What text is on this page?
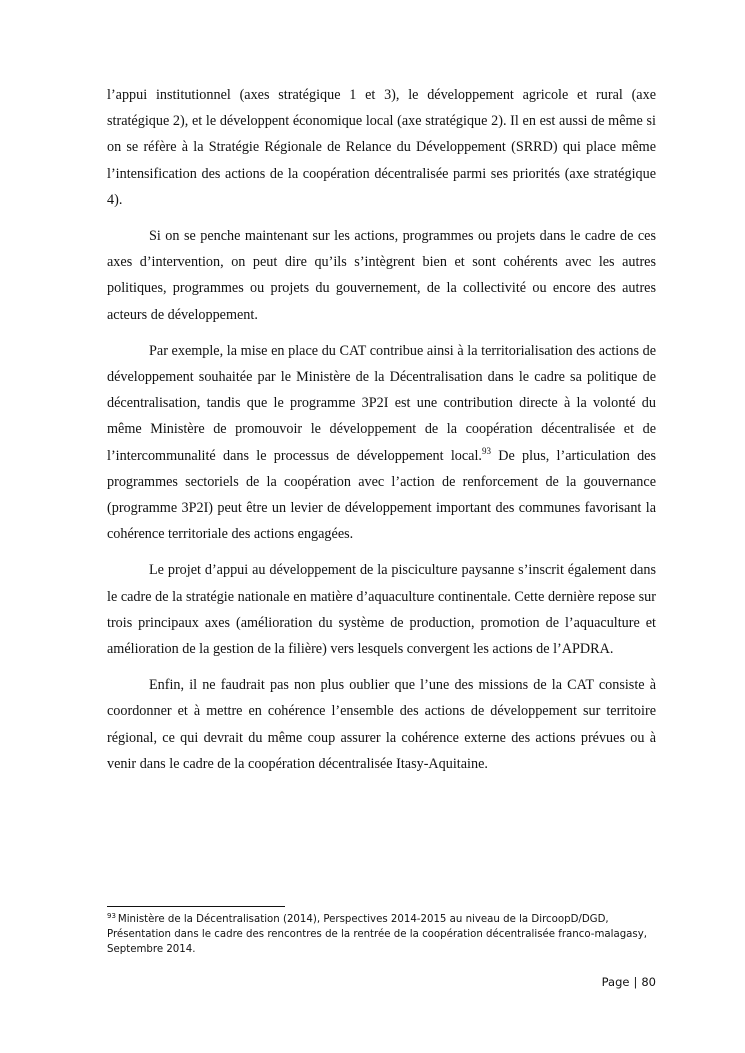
l’appui institutionnel (axes stratégique 1 et 3), le développement agricole et rural (axe stratégique 2), et le développent économique local (axe stratégique 2). Il en est aussi de même si on se réfère à la Stratégie Régionale de Relance du Développement (SRRD) qui place même l’intensification des actions de la coopération décentralisée parmi ses priorités (axe stratégique 4).

Si on se penche maintenant sur les actions, programmes ou projets dans le cadre de ces axes d’intervention, on peut dire qu’ils s’intègrent bien et sont cohérents avec les autres politiques, programmes ou projets du gouvernement, de la collectivité ou encore des autres acteurs de développement.

Par exemple, la mise en place du CAT contribue ainsi à la territorialisation des actions de développement souhaitée par le Ministère de la Décentralisation dans le cadre sa politique de décentralisation, tandis que le programme 3P2I est une contribution directe à la volonté du même Ministère de promouvoir le développement de la coopération décentralisée et de l’intercommunalité dans le processus de développement local.$^{93}$ De plus, l’articulation des programmes sectoriels de la coopération avec l’action de renforcement de la gouvernance (programme 3P2I) peut être un levier de développement important des communes favorisant la cohérence territoriale des actions engagées.

Le projet d’appui au développement de la pisciculture paysanne s’inscrit également dans le cadre de la stratégie nationale en matière d’aquaculture continentale. Cette dernière repose sur trois principaux axes (amélioration du système de production, promotion de l’aquaculture et amélioration de la gestion de la filière) vers lesquels convergent les actions de l’APDRA.

Enfin, il ne faudrait pas non plus oublier que l’une des missions de la CAT consiste à coordonner et à mettre en cohérence l’ensemble des actions de développement sur territoire régional, ce qui devrait du même coup assurer la cohérence externe des actions prévues ou à venir dans le cadre de la coopération décentralisée Itasy-Aquitaine.

$^{93}$ Ministère de la Décentralisation (2014), Perspectives 2014-2015 au niveau de la DircoopD/DGD, Présentation dans le cadre des rencontres de la rentrée de la coopération décentralisée franco-malagasy, Septembre 2014.
Page | 80
